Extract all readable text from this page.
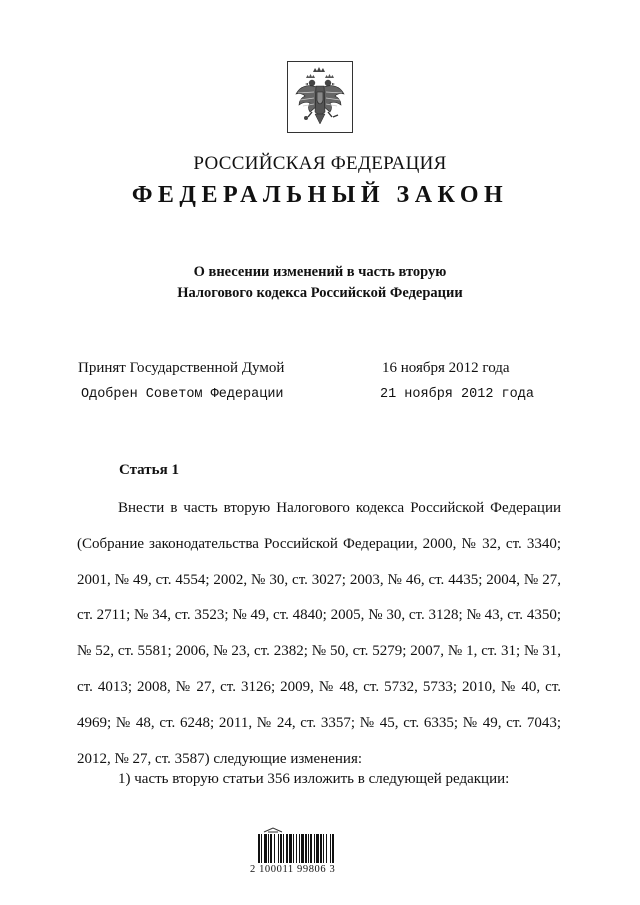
РОССИЙСКАЯ ФЕДЕРАЦИЯ
ФЕДЕРАЛЬНЫЙ ЗАКОН
О внесении изменений в часть вторую
Налогового кодекса Российской Федерации
Принят Государственной Думой	16 ноября 2012 года
Одобрен Советом Федерации	21 ноября 2012 года
Статья 1
Внести в часть вторую Налогового кодекса Российской Федерации (Собрание законодательства Российской Федерации, 2000, № 32, ст. 3340; 2001, № 49, ст. 4554; 2002, № 30, ст. 3027; 2003, № 46, ст. 4435; 2004, № 27, ст. 2711; № 34, ст. 3523; № 49, ст. 4840; 2005, № 30, ст. 3128; № 43, ст. 4350; № 52, ст. 5581; 2006, № 23, ст. 2382; № 50, ст. 5279; 2007, № 1, ст. 31; № 31, ст. 4013; 2008, № 27, ст. 3126; 2009, № 48, ст. 5732, 5733; 2010, № 40, ст. 4969; № 48, ст. 6248; 2011, № 24, ст. 3357; № 45, ст. 6335; № 49, ст. 7043; 2012, № 27, ст. 3587) следующие изменения:
1) часть вторую статьи 356 изложить в следующей редакции:
2 100011 99806 3
